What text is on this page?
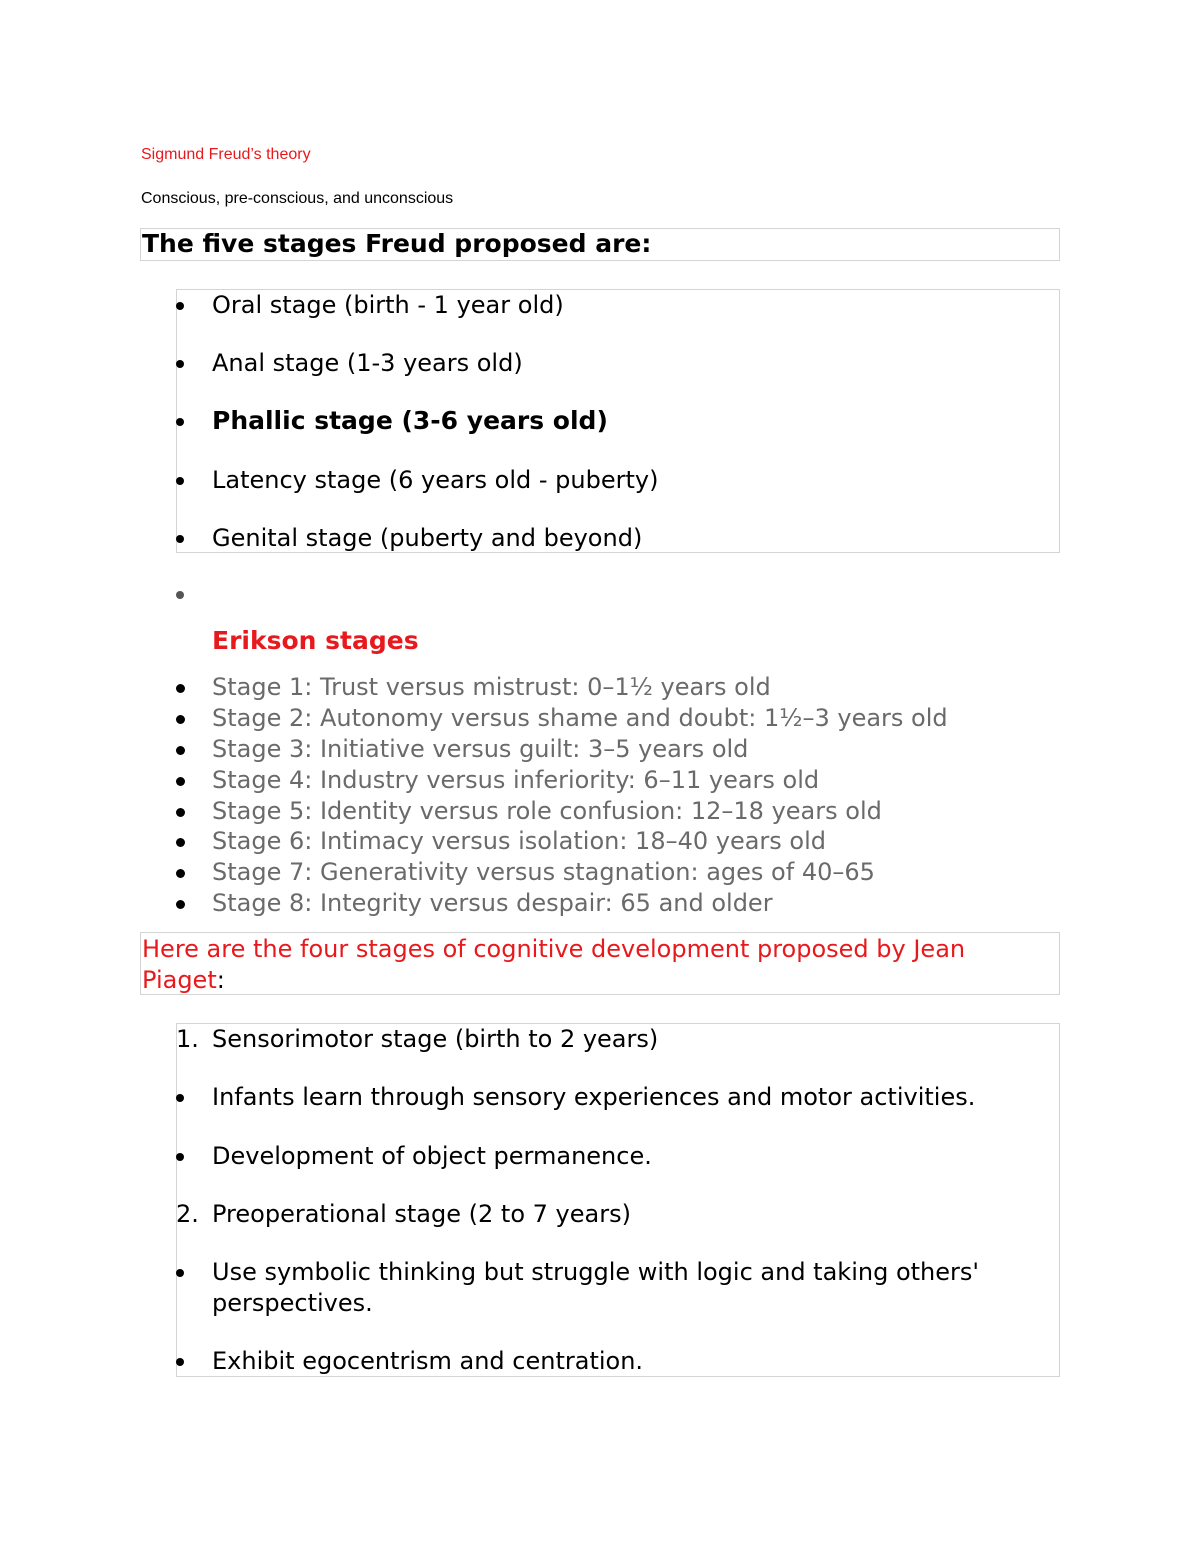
Sigmund Freud’s theory
Conscious, pre-conscious, and unconscious
The five stages Freud proposed are:
Oral stage (birth - 1 year old)
Anal stage (1-3 years old)
Phallic stage (3-6 years old)
Latency stage (6 years old - puberty)
Genital stage (puberty and beyond)
Erikson stages
Stage 1: Trust versus mistrust: 0–1½ years old
Stage 2: Autonomy versus shame and doubt: 1½–3 years old
Stage 3: Initiative versus guilt: 3–5 years old
Stage 4: Industry versus inferiority: 6–11 years old
Stage 5: Identity versus role confusion: 12–18 years old
Stage 6: Intimacy versus isolation: 18–40 years old
Stage 7: Generativity versus stagnation: ages of 40–65
Stage 8: Integrity versus despair: 65 and older
Here are the four stages of cognitive development proposed by Jean
Piaget:
1. Sensorimotor stage (birth to 2 years)
Infants learn through sensory experiences and motor activities.
Development of object permanence.
2. Preoperational stage (2 to 7 years)
Use symbolic thinking but struggle with logic and taking others'
perspectives.
Exhibit egocentrism and centration.
